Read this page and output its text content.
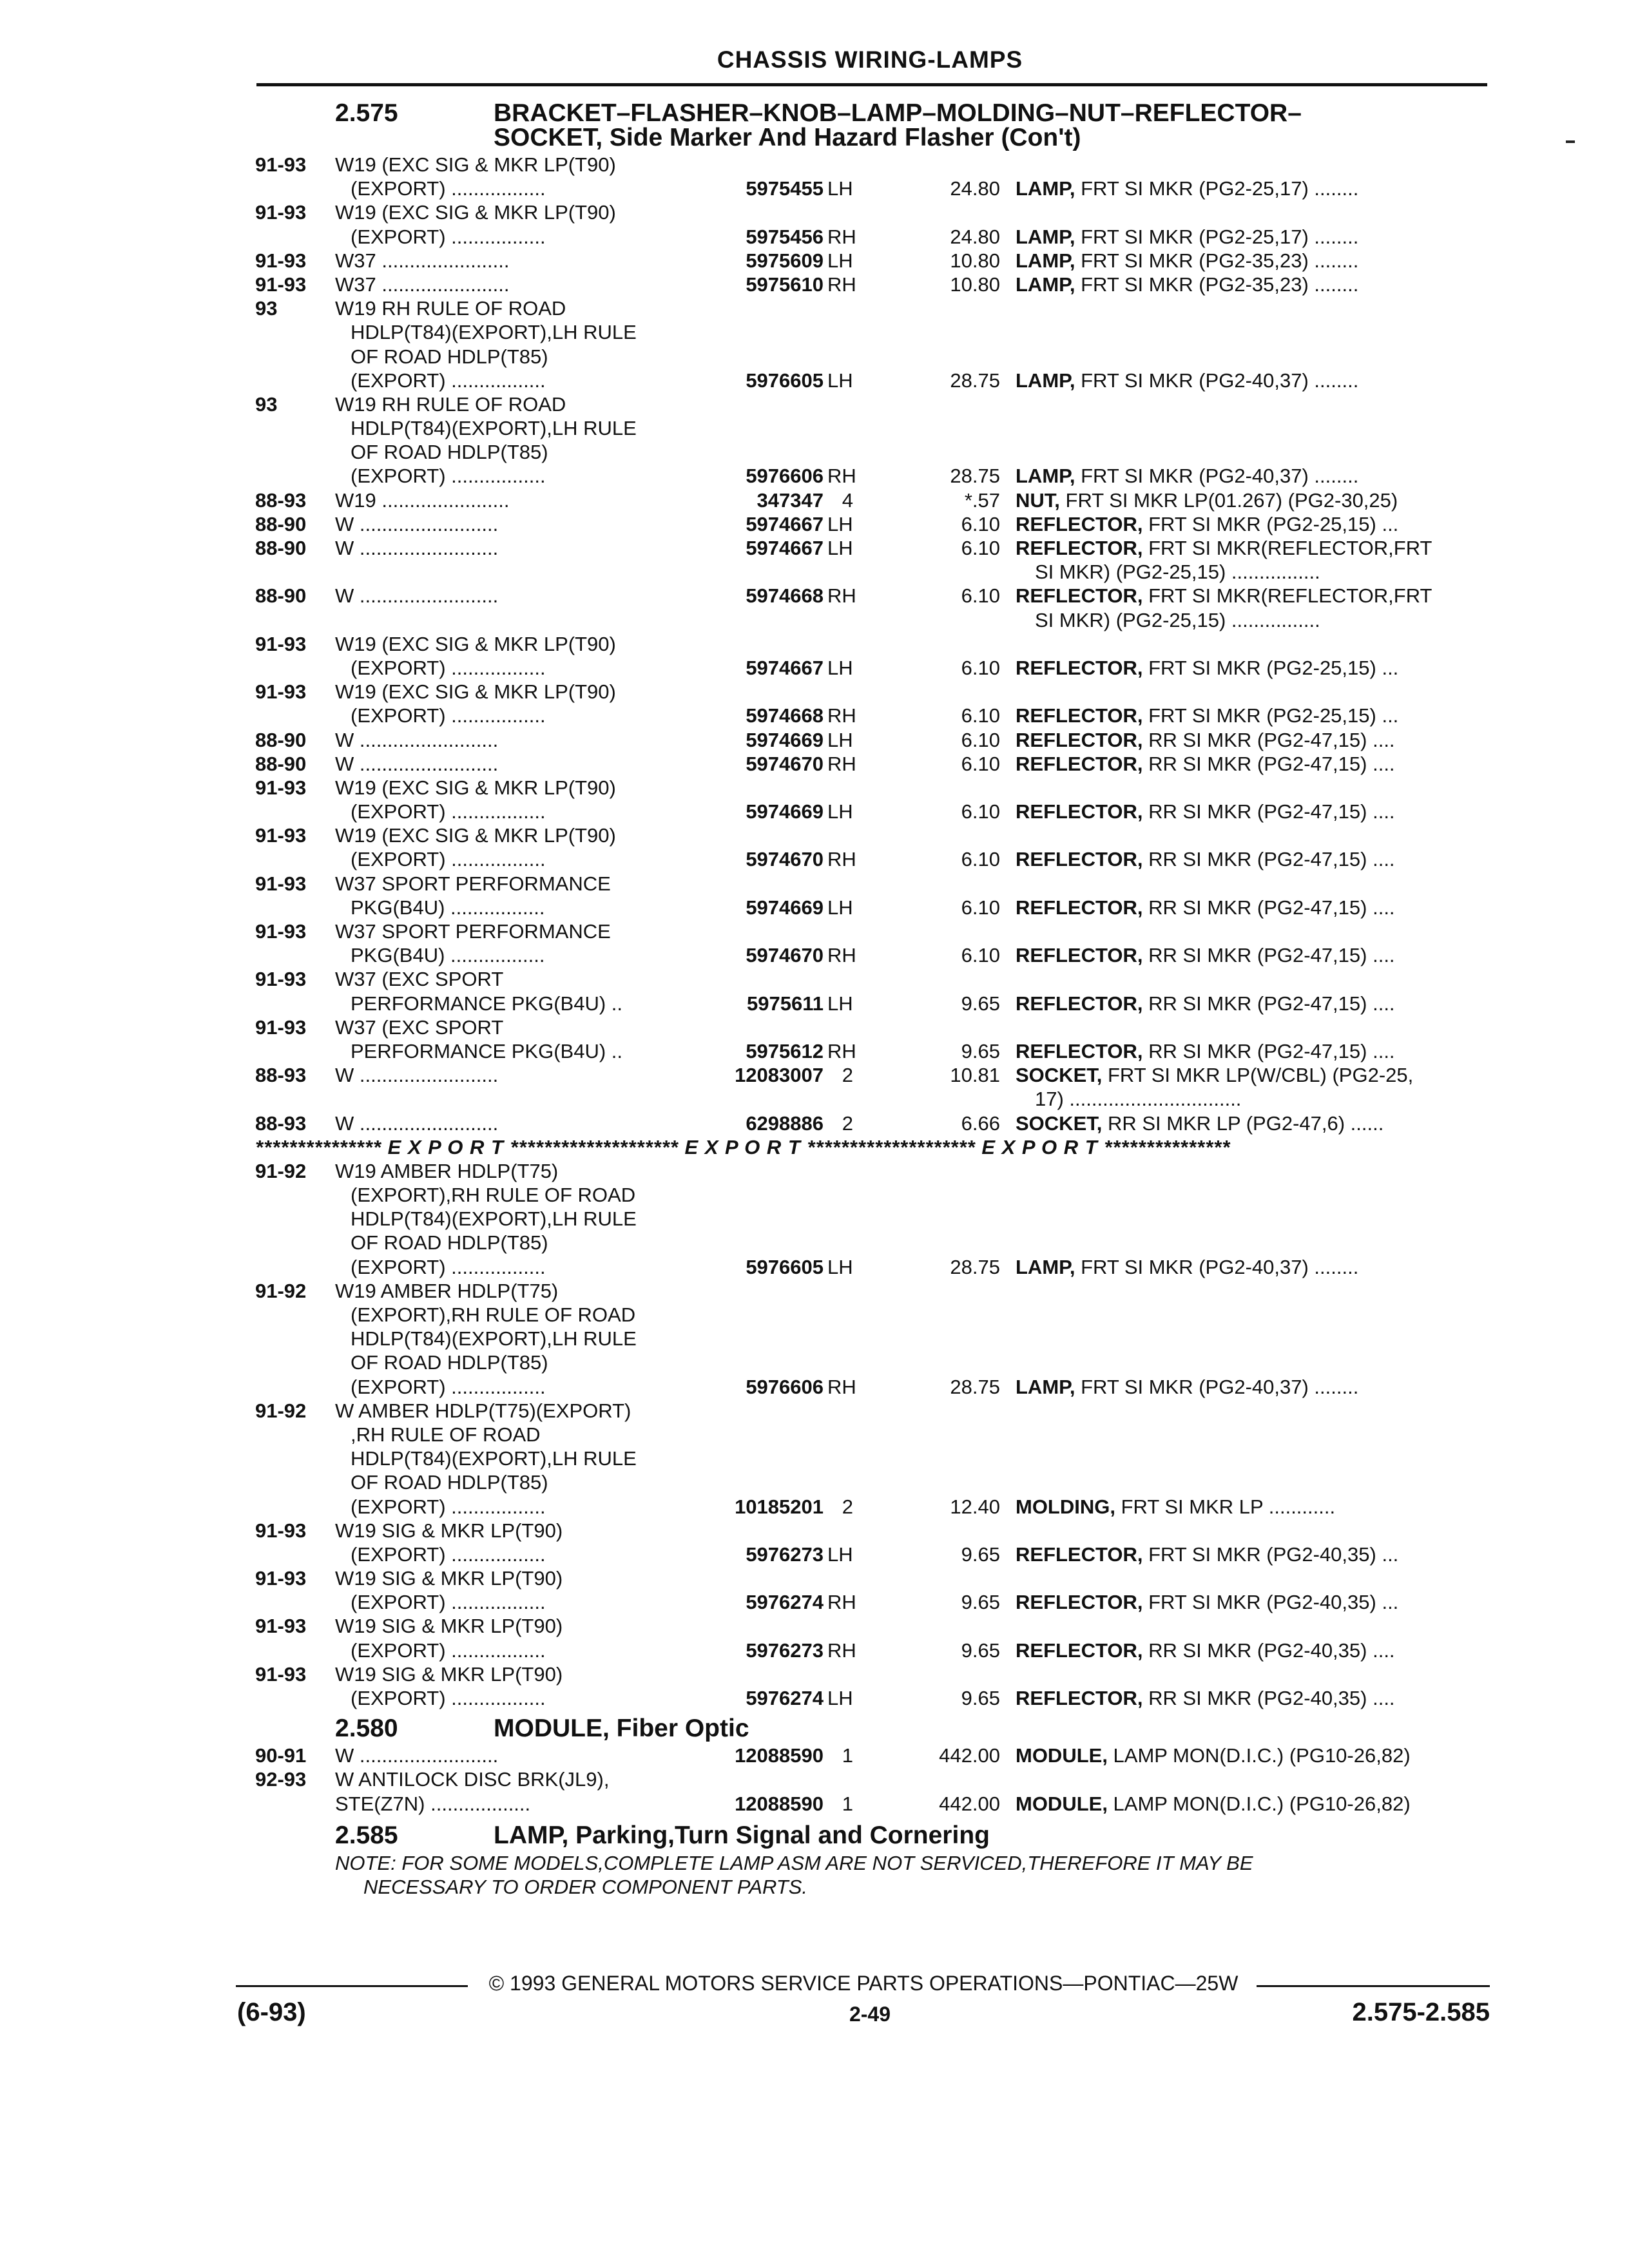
CHASSIS WIRING-LAMPS
2.575	BRACKET–FLASHER–KNOB–LAMP–MOLDING–NUT–REFLECTOR–
SOCKET, Side Marker And Hazard Flasher (Con't)
91-93 W19 (EXC SIG & MKR LP(T90)
(EXPORT) .................	5975455 LH	24.80 LAMP, FRT SI MKR (PG2-25,17) ........
91-93 W19 (EXC SIG & MKR LP(T90)
(EXPORT) .................	5975456 RH	24.80 LAMP, FRT SI MKR (PG2-25,17) ........
91-93 W37 .......................	5975609 LH	10.80 LAMP, FRT SI MKR (PG2-35,23) ........
91-93 W37 .......................	5975610 RH	10.80 LAMP, FRT SI MKR (PG2-35,23) ........
93	W19 RH RULE OF ROAD
HDLP(T84)(EXPORT),LH RULE
OF ROAD HDLP(T85)
(EXPORT) .................	5976605 LH	28.75 LAMP, FRT SI MKR (PG2-40,37) ........
93	W19 RH RULE OF ROAD
HDLP(T84)(EXPORT),LH RULE
OF ROAD HDLP(T85)
(EXPORT) .................	5976606 RH	28.75 LAMP, FRT SI MKR (PG2-40,37) ........
88-93 W19 .......................	347347 4	*.57 NUT, FRT SI MKR LP(01.267) (PG2-30,25)
88-90 W .........................	5974667 LH	6.10 REFLECTOR, FRT SI MKR (PG2-25,15) ...
88-90 W .........................	5974667 LH	6.10 REFLECTOR, FRT SI MKR(REFLECTOR,FRT
SI MKR) (PG2-25,15) ................
88-90 W .........................	5974668 RH	6.10 REFLECTOR, FRT SI MKR(REFLECTOR,FRT
SI MKR) (PG2-25,15) ................
91-93 W19 (EXC SIG & MKR LP(T90)
(EXPORT) .................	5974667 LH	6.10 REFLECTOR, FRT SI MKR (PG2-25,15) ...
91-93 W19 (EXC SIG & MKR LP(T90)
(EXPORT) .................	5974668 RH	6.10 REFLECTOR, FRT SI MKR (PG2-25,15) ...
88-90 W .........................	5974669 LH	6.10 REFLECTOR, RR SI MKR (PG2-47,15) ....
88-90 W .........................	5974670 RH	6.10 REFLECTOR, RR SI MKR (PG2-47,15) ....
91-93 W19 (EXC SIG & MKR LP(T90)
(EXPORT) .................	5974669 LH	6.10 REFLECTOR, RR SI MKR (PG2-47,15) ....
91-93 W19 (EXC SIG & MKR LP(T90)
(EXPORT) .................	5974670 RH	6.10 REFLECTOR, RR SI MKR (PG2-47,15) ....
91-93 W37 SPORT PERFORMANCE
PKG(B4U) .................	5974669 LH	6.10 REFLECTOR, RR SI MKR (PG2-47,15) ....
91-93 W37 SPORT PERFORMANCE
PKG(B4U) .................	5974670 RH	6.10 REFLECTOR, RR SI MKR (PG2-47,15) ....
91-93 W37 (EXC SPORT
PERFORMANCE PKG(B4U) ..	5975611 LH	9.65 REFLECTOR, RR SI MKR (PG2-47,15) ....
91-93 W37 (EXC SPORT
PERFORMANCE PKG(B4U) ..	5975612 RH	9.65 REFLECTOR, RR SI MKR (PG2-47,15) ....
88-93 W .........................	12083007 2	10.81 SOCKET, FRT SI MKR LP(W/CBL) (PG2-25,
17) ...............................
88-93 W .........................	6298886 2	6.66 SOCKET, RR SI MKR LP (PG2-47,6) ......
*************** E X P O R T ******************** E X P O R T ******************** E X P O R T ***************
91-92 W19 AMBER HDLP(T75)
(EXPORT),RH RULE OF ROAD
HDLP(T84)(EXPORT),LH RULE
OF ROAD HDLP(T85)
(EXPORT) .................	5976605 LH	28.75 LAMP, FRT SI MKR (PG2-40,37) ........
91-92 W19 AMBER HDLP(T75)
(EXPORT),RH RULE OF ROAD
HDLP(T84)(EXPORT),LH RULE
OF ROAD HDLP(T85)
(EXPORT) .................	5976606 RH	28.75 LAMP, FRT SI MKR (PG2-40,37) ........
91-92 W AMBER HDLP(T75)(EXPORT)
,RH RULE OF ROAD
HDLP(T84)(EXPORT),LH RULE
OF ROAD HDLP(T85)
(EXPORT) .................	10185201 2	12.40 MOLDING, FRT SI MKR LP ............
91-93 W19 SIG & MKR LP(T90)
(EXPORT) .................	5976273 LH	9.65 REFLECTOR, FRT SI MKR (PG2-40,35) ...
91-93 W19 SIG & MKR LP(T90)
(EXPORT) .................	5976274 RH	9.65 REFLECTOR, FRT SI MKR (PG2-40,35) ...
91-93 W19 SIG & MKR LP(T90)
(EXPORT) .................	5976273 RH	9.65 REFLECTOR, RR SI MKR (PG2-40,35) ....
91-93 W19 SIG & MKR LP(T90)
(EXPORT) .................	5976274 LH	9.65 REFLECTOR, RR SI MKR (PG2-40,35) ....
2.580	MODULE, Fiber Optic
90-91 W .........................	12088590 1	442.00 MODULE, LAMP MON(D.I.C.) (PG10-26,82)
92-93 W ANTILOCK DISC BRK(JL9),
STE(Z7N) ..................	12088590 1	442.00 MODULE, LAMP MON(D.I.C.) (PG10-26,82)
2.585	LAMP, Parking,Turn Signal and Cornering
NOTE: FOR SOME MODELS,COMPLETE LAMP ASM ARE NOT SERVICED,THEREFORE IT MAY BE
NECESSARY TO ORDER COMPONENT PARTS.
© 1993 GENERAL MOTORS SERVICE PARTS OPERATIONS—PONTIAC—25W
(6-93)	2-49	2.575-2.585
